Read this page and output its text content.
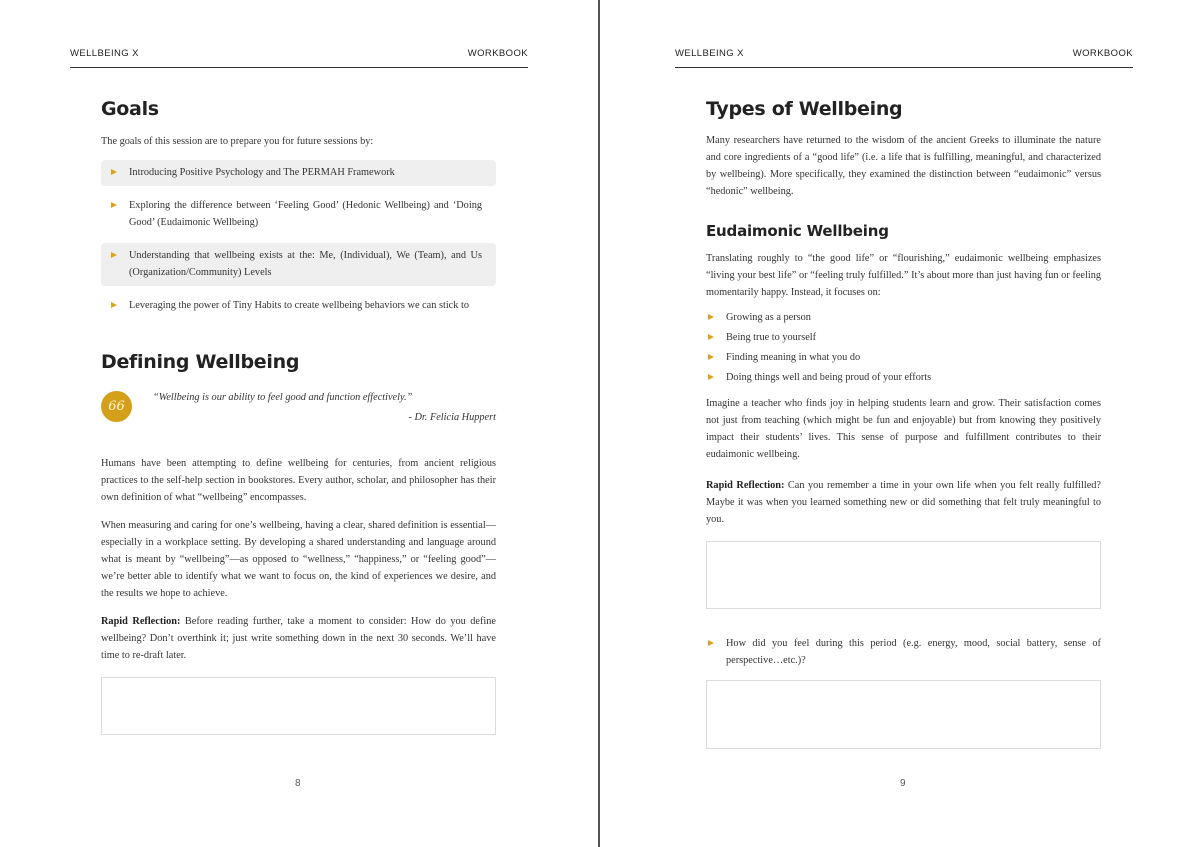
WELLBEING X	WORKBOOK
Goals

The goals of this session are to prepare you for future sessions by:

Introducing Positive Psychology and The PERMAH Framework
Exploring the difference between ‘Feeling Good’ (Hedonic Wellbeing) and ‘Doing Good’ (Eudaimonic Wellbeing)
Understanding that wellbeing exists at the: Me, (Individual), We (Team), and Us (Organization/Community) Levels
Leveraging the power of Tiny Habits to create wellbeing behaviors we can stick to
Defining Wellbeing
66
“Wellbeing is our ability to feel good and function effectively.”
- Dr. Felicia Huppert

Humans have been attempting to define wellbeing for centuries, from ancient religious practices to the self-help section in bookstores. Every author, scholar, and philosopher has their own definition of what “wellbeing” encompasses.

When measuring and caring for one’s wellbeing, having a clear, shared definition is essential—especially in a workplace setting. By developing a shared understanding and language around what is meant by “wellbeing”—as opposed to “wellness,” “happiness,” or “feeling good”—we’re better able to identify what we want to focus on, the kind of experiences we desire, and the results we hope to achieve.

Rapid Reflection: Before reading further, take a moment to consider: How do you define wellbeing? Don’t overthink it; just write something down in the next 30 seconds. We’ll have time to re-draft later.

8
WELLBEING X	WORKBOOK
Types of Wellbeing

Many researchers have returned to the wisdom of the ancient Greeks to illuminate the nature and core ingredients of a “good life” (i.e. a life that is fulfilling, meaningful, and characterized by wellbeing). More specifically, they examined the distinction between “eudaimonic” versus “hedonic” wellbeing.

Eudaimonic Wellbeing

Translating roughly to “the good life” or “flourishing,” eudaimonic wellbeing emphasizes “living your best life” or “feeling truly fulfilled.” It’s about more than just having fun or feeling momentarily happy. Instead, it focuses on:

Growing as a person
Being true to yourself
Finding meaning in what you do
Doing things well and being proud of your efforts

Imagine a teacher who finds joy in helping students learn and grow. Their satisfaction comes not just from teaching (which might be fun and enjoyable) but from knowing they positively impact their students’ lives. This sense of purpose and fulfillment contributes to their eudaimonic wellbeing.

Rapid Reflection: Can you remember a time in your own life when you felt really fulfilled? Maybe it was when you learned something new or did something that felt truly meaningful to you.

How did you feel during this period (e.g. energy, mood, social battery, sense of perspective…etc.)?
9
